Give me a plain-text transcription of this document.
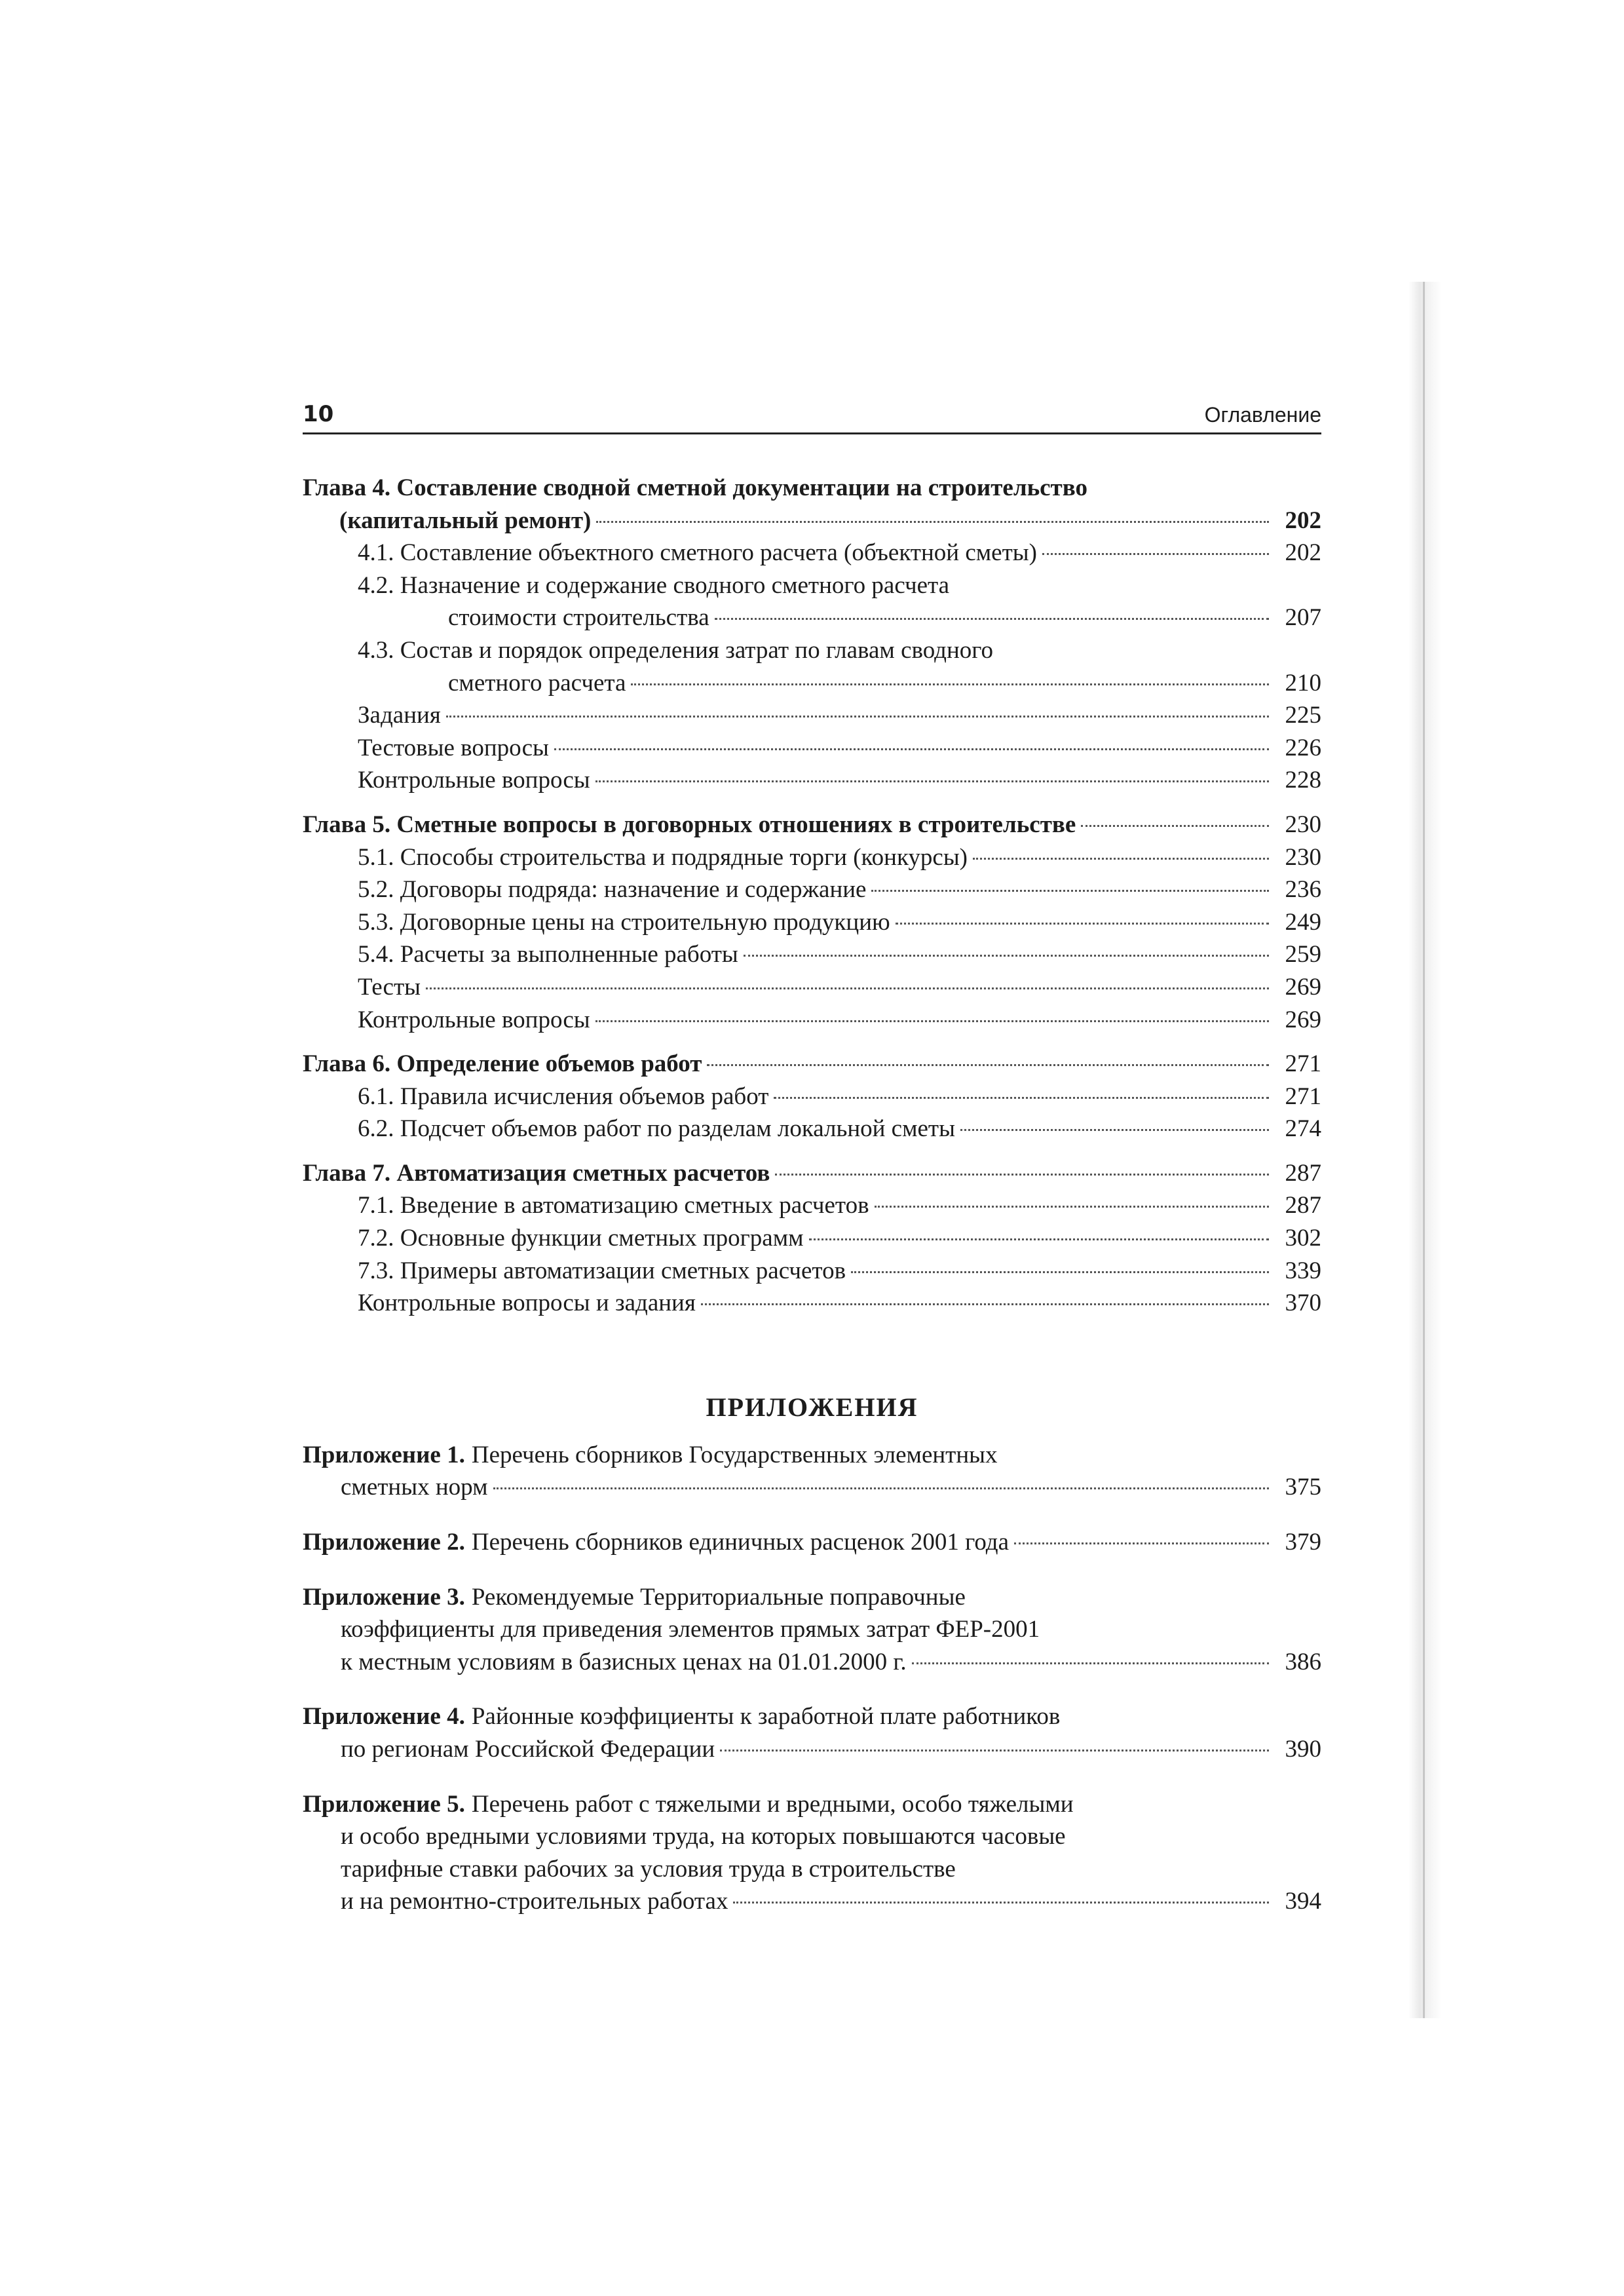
10	Оглавление
Глава 4. Составление сводной сметной документации на строительство
(капитальный ремонт)	202
4.1. Составление объектного сметного расчета (объектной сметы)	202
4.2. Назначение и содержание сводного сметного расчета
стоимости строительства	207
4.3. Состав и порядок определения затрат по главам сводного
сметного расчета	210
Задания	225
Тестовые вопросы	226
Контрольные вопросы	228
Глава 5. Сметные вопросы в договорных отношениях в строительстве	230
5.1. Способы строительства и подрядные торги (конкурсы)	230
5.2. Договоры подряда: назначение и содержание	236
5.3. Договорные цены на строительную продукцию	249
5.4. Расчеты за выполненные работы	259
Тесты	269
Контрольные вопросы	269
Глава 6. Определение объемов работ	271
6.1. Правила исчисления объемов работ	271
6.2. Подсчет объемов работ по разделам локальной сметы	274
Глава 7. Автоматизация сметных расчетов	287
7.1. Введение в автоматизацию сметных расчетов	287
7.2. Основные функции сметных программ	302
7.3. Примеры автоматизации сметных расчетов	339
Контрольные вопросы и задания	370
ПРИЛОЖЕНИЯ
Приложение 1. Перечень сборников Государственных элементных
сметных норм	375
Приложение 2. Перечень сборников единичных расценок 2001 года	379
Приложение 3. Рекомендуемые Территориальные поправочные
коэффициенты для приведения элементов прямых затрат ФЕР-2001
к местным условиям в базисных ценах на 01.01.2000 г.	386
Приложение 4. Районные коэффициенты к заработной плате работников
по регионам Российской Федерации	390
Приложение 5. Перечень работ с тяжелыми и вредными, особо тяжелыми
и особо вредными условиями труда, на которых повышаются часовые
тарифные ставки рабочих за условия труда в строительстве
и на ремонтно-строительных работах	394
